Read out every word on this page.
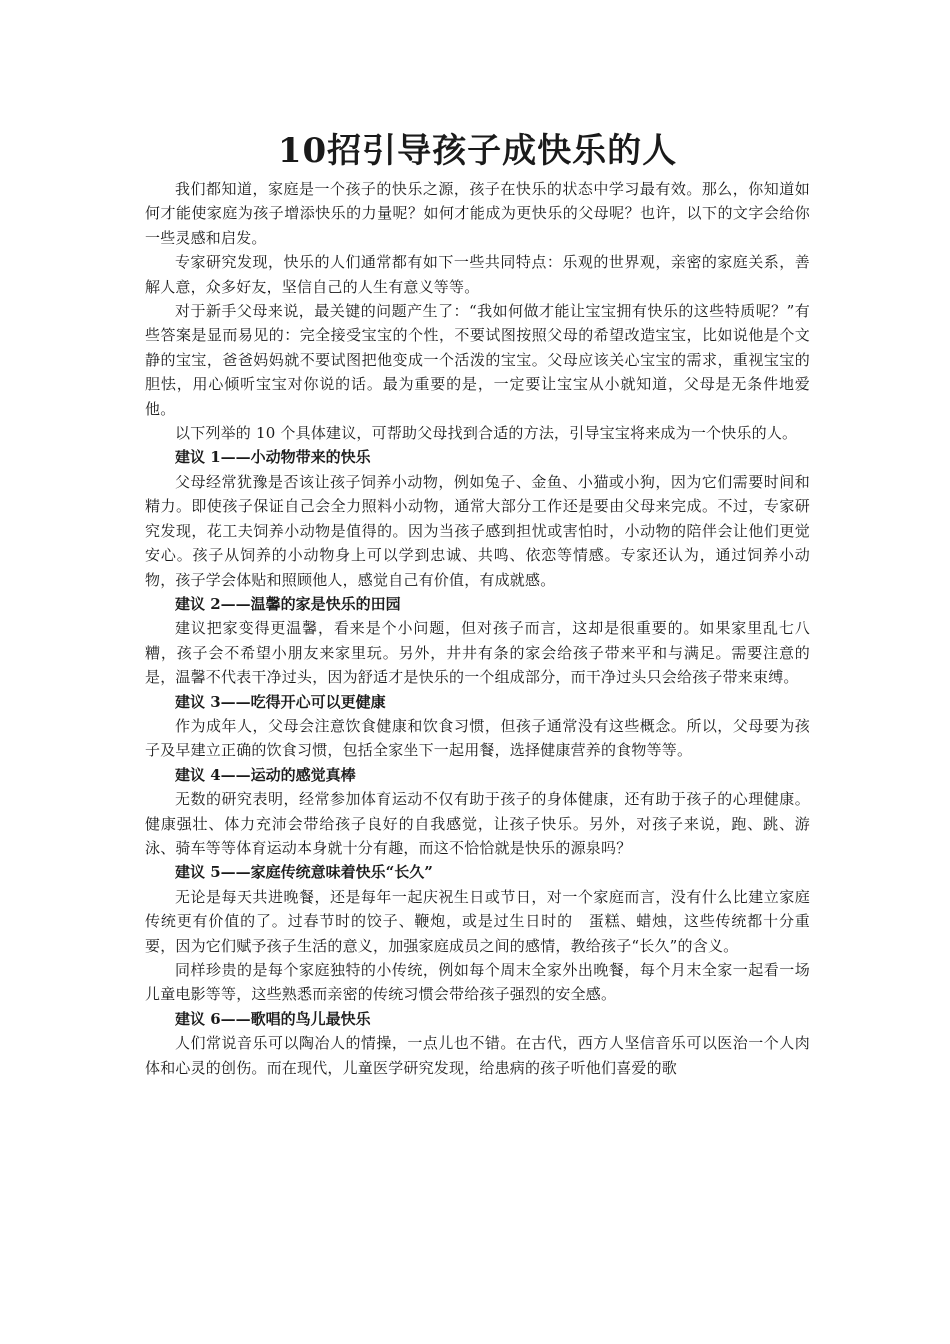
10招引导孩子成快乐的人

我们都知道，家庭是一个孩子的快乐之源，孩子在快乐的状态中学习最有效。那么，你知道如何才能使家庭为孩子增添快乐的力量呢？如何才能成为更快乐的父母呢？也许，以下的文字会给你一些灵感和启发。

专家研究发现，快乐的人们通常都有如下一些共同特点：乐观的世界观，亲密的家庭关系，善解人意，众多好友，坚信自己的人生有意义等等。

对于新手父母来说，最关键的问题产生了：“我如何做才能让宝宝拥有快乐的这些特质呢？”有些答案是显而易见的：完全接受宝宝的个性，不要试图按照父母的希望改造宝宝，比如说他是个文静的宝宝，爸爸妈妈就不要试图把他变成一个活泼的宝宝。父母应该关心宝宝的需求，重视宝宝的胆怯，用心倾听宝宝对你说的话。最为重要的是，一定要让宝宝从小就知道，父母是无条件地爱他。

以下列举的 10 个具体建议，可帮助父母找到合适的方法，引导宝宝将来成为一个快乐的人。

建议 1——小动物带来的快乐

父母经常犹豫是否该让孩子饲养小动物，例如兔子、金鱼、小猫或小狗，因为它们需要时间和精力。即使孩子保证自己会全力照料小动物，通常大部分工作还是要由父母来完成。不过，专家研究发现，花工夫饲养小动物是值得的。因为当孩子感到担忧或害怕时，小动物的陪伴会让他们更觉安心。孩子从饲养的小动物身上可以学到忠诚、共鸣、依恋等情感。专家还认为，通过饲养小动物，孩子学会体贴和照顾他人，感觉自己有价值，有成就感。

建议 2——温馨的家是快乐的田园

建议把家变得更温馨，看来是个小问题，但对孩子而言，这却是很重要的。如果家里乱七八糟，孩子会不希望小朋友来家里玩。另外，井井有条的家会给孩子带来平和与满足。需要注意的是，温馨不代表干净过头，因为舒适才是快乐的一个组成部分，而干净过头只会给孩子带来束缚。

建议 3——吃得开心可以更健康

作为成年人，父母会注意饮食健康和饮食习惯，但孩子通常没有这些概念。所以，父母要为孩子及早建立正确的饮食习惯，包括全家坐下一起用餐，选择健康营养的食物等等。

建议 4——运动的感觉真棒

无数的研究表明，经常参加体育运动不仅有助于孩子的身体健康，还有助于孩子的心理健康。健康强壮、体力充沛会带给孩子良好的自我感觉，让孩子快乐。另外，对孩子来说，跑、跳、游泳、骑车等等体育运动本身就十分有趣，而这不恰恰就是快乐的源泉吗？

建议 5——家庭传统意味着快乐“长久”

无论是每天共进晚餐，还是每年一起庆祝生日或节日，对一个家庭而言，没有什么比建立家庭传统更有价值的了。过春节时的饺子、鞭炮，或是过生日时的　蛋糕、蜡烛，这些传统都十分重要，因为它们赋予孩子生活的意义，加强家庭成员之间的感情，教给孩子“长久”的含义。

同样珍贵的是每个家庭独特的小传统，例如每个周末全家外出晚餐，每个月末全家一起看一场儿童电影等等，这些熟悉而亲密的传统习惯会带给孩子强烈的安全感。

建议 6——歌唱的鸟儿最快乐

人们常说音乐可以陶冶人的情操，一点儿也不错。在古代，西方人坚信音乐可以医治一个人肉体和心灵的创伤。而在现代，儿童医学研究发现，给患病的孩子听他们喜爱的歌
